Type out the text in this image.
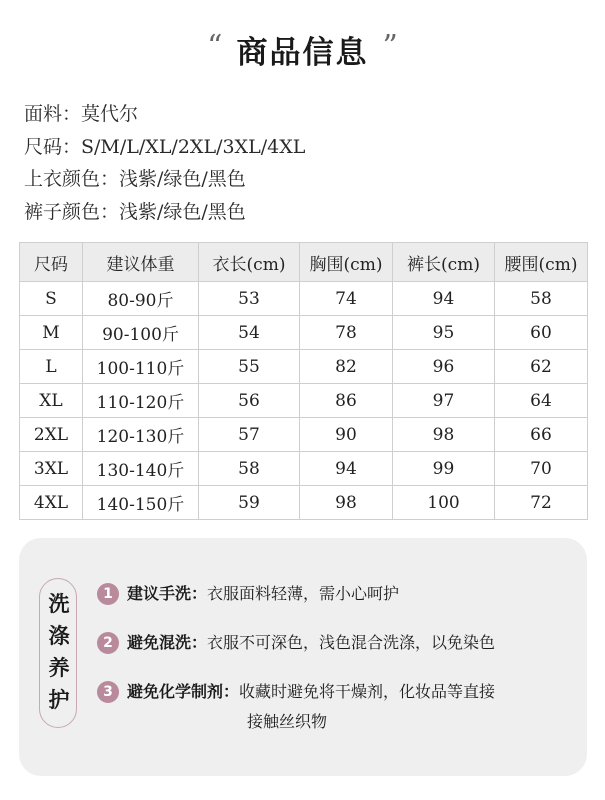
“ 商品信息 ”
面料：莫代尔
尺码：S/M/L/XL/2XL/3XL/4XL
上衣颜色：浅紫/绿色/黑色
裤子颜色：浅紫/绿色/黑色
尺码	建议体重	衣长(cm)	胸围(cm)	裤长(cm)	腰围(cm)
S	80-90斤	53	74	94	58
M	90-100斤	54	78	95	60
L	100-110斤	55	82	96	62
XL	110-120斤	56	86	97	64
2XL	120-130斤	57	90	98	66
3XL	130-140斤	58	94	99	70
4XL	140-150斤	59	98	100	72
洗
涤
养
护
1 建议手洗：衣服面料轻薄，需小心呵护
2 避免混洗：衣服不可深色，浅色混合洗涤，以免染色
3 避免化学制剂：收藏时避免将干燥剂，化妆品等直接
接触丝织物
